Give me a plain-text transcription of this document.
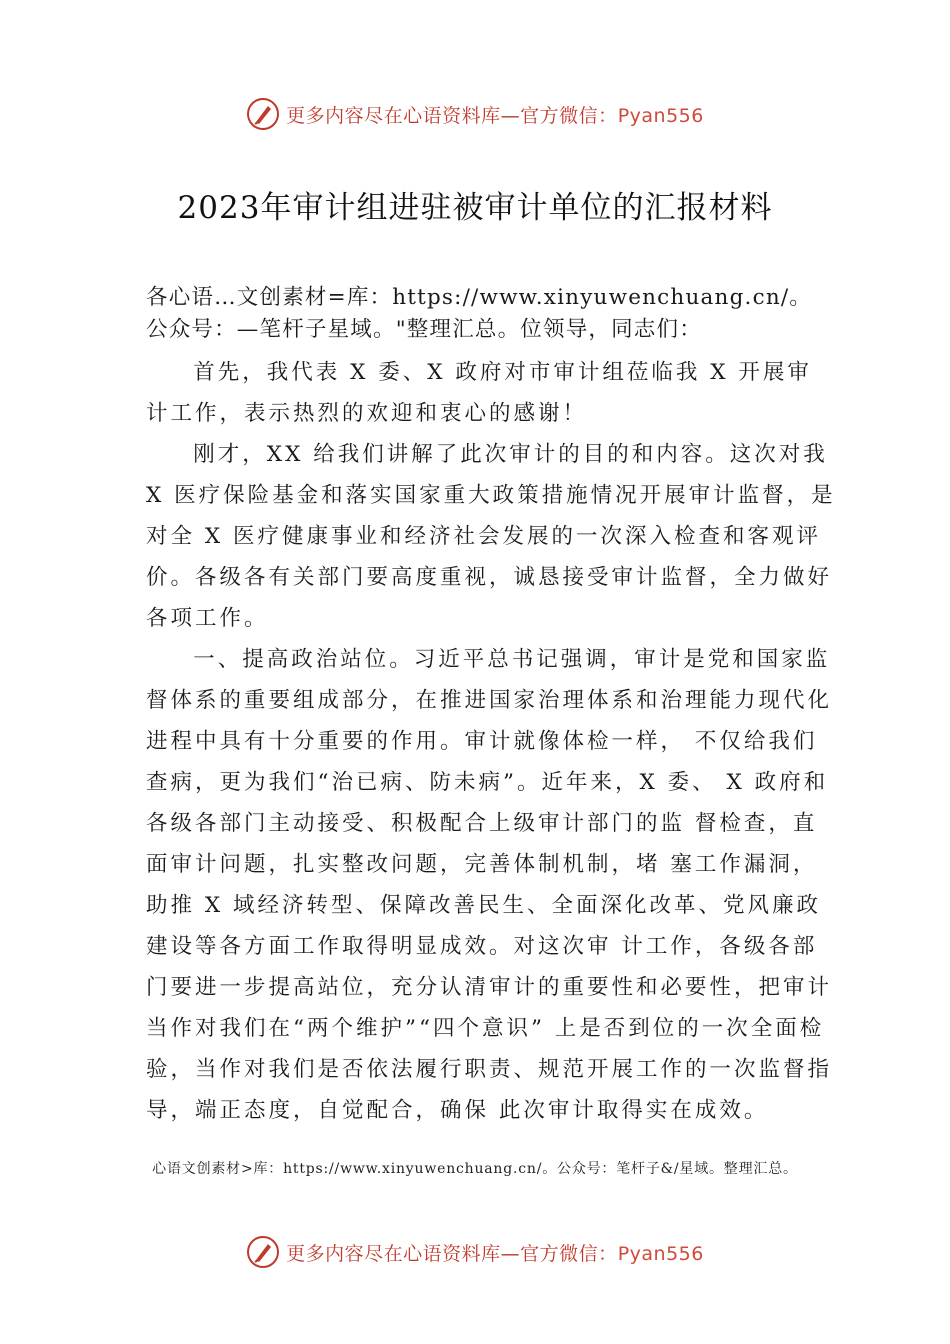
更多内容尽在心语资料库—官方微信：Pyan556
2023年审计组进驻被审计单位的汇报材料
各心语…文创素材=库：https://www.xinyuwenchuang.cn/。
公众号：—笔杆子星域。"整理汇总。位领导，同志们：

首先，我代表 X 委、X 政府对市审计组莅临我 X 开展审计工作，表示热烈的欢迎和衷心的感谢！

刚才，XX 给我们讲解了此次审计的目的和内容。这次对我 X 医疗保险基金和落实国家重大政策措施情况开展审计监督，是对全 X 医疗健康事业和经济社会发展的一次深入检查和客观评价。各级各有关部门要高度重视，诚恳接受审计监督，全力做好各项工作。

一、提高政治站位。习近平总书记强调，审计是党和国家监督体系的重要组成部分，在推进国家治理体系和治理能力现代化进程中具有十分重要的作用。审计就像体检一样， 不仅给我们查病，更为我们“治已病、防未病”。近年来，X 委、 X 政府和各级各部门主动接受、积极配合上级审计部门的监 督检查，直面审计问题，扎实整改问题，完善体制机制，堵 塞工作漏洞，助推 X 域经济转型、保障改善民生、全面深化改革、党风廉政建设等各方面工作取得明显成效。对这次审 计工作，各级各部门要进一步提高站位，充分认清审计的重要性和必要性，把审计当作对我们在“两个维护”“四个意识” 上是否到位的一次全面检验，当作对我们是否依法履行职责、规范开展工作的一次监督指导，端正态度，自觉配合，确保 此次审计取得实在成效。

心语文创素材>库：https://www.xinyuwenchuang.cn/。公众号：笔杆子&/星域。整理汇总。
更多内容尽在心语资料库—官方微信：Pyan556
